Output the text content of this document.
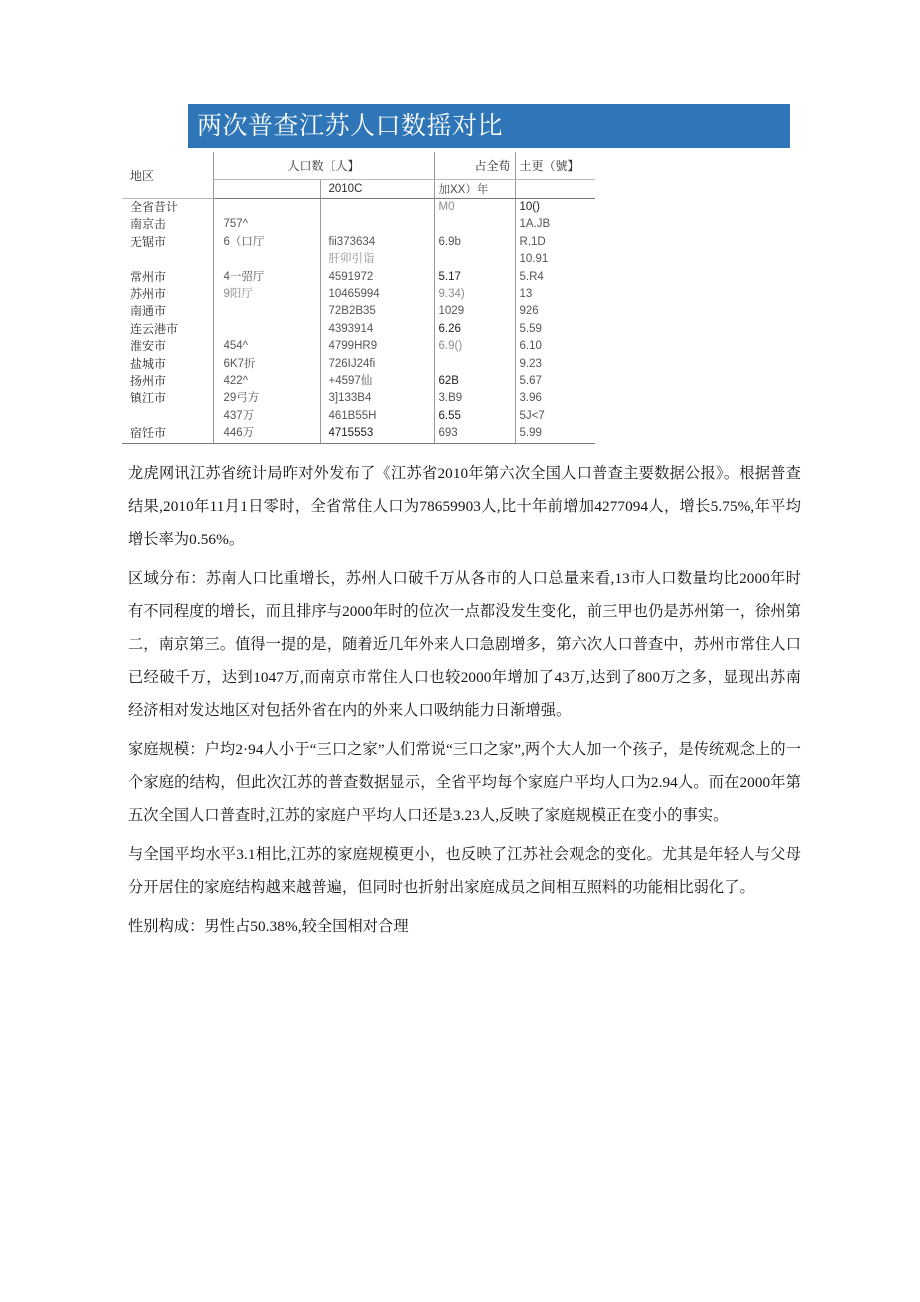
两次普查江苏人口数摇对比
地区	人口数〔人】		占全荀	土更（號】
		2010C	加XX）年	
全省昔计			M0	10()
南京击	757^			1A.JB
无锯市	6（口厅	fii373634	6.9b	R.1D
		肝卯引诣		10.91
常州市	4一弨厅	4591972	5.17	5.R4
苏州市	9阳厅	10465994	9.34)	13
南通市		72B2B35	1029	926
连云港市		4393914	6.26	5.59
淮安市	454^	4799HR9	6.9()	6.10
盐城市	6K7折	726IJ24fi		9.23
扬州市	422^	+4597仙	62B	5.67
镇江市	29弓方	3]133B4	3.B9	3.96
	437万	461B55H	6.55	5J<7
宿饪市	446万	4715553	693	5.99

龙虎网讯江苏省统计局昨对外发布了《江苏省2010年第六次全国人口普查主要数据公报》。根据普查结果,2010年11月1日零时，全省常住人口为78659903人,比十年前增加4277094人，增长5.75%,年平均增长率为0.56%。

区域分布：苏南人口比重增长，苏州人口破千万从各市的人口总量来看,13市人口数量均比2000年时有不同程度的增长，而且排序与2000年时的位次一点都没发生变化，前三甲也仍是苏州第一，徐州第二，南京第三。值得一提的是，随着近几年外来人口急剧增多，第六次人口普查中，苏州市常住人口已经破千万，达到1047万,而南京市常住人口也较2000年增加了43万,达到了800万之多，显现出苏南经济相对发达地区对包括外省在内的外来人口吸纳能力日渐增强。

家庭规模：户均2·94人小于“三口之家”人们常说“三口之家”,两个大人加一个孩子，是传统观念上的一个家庭的结构，但此次江苏的普查数据显示，全省平均每个家庭户平均人口为2.94人。而在2000年第五次全国人口普查时,江苏的家庭户平均人口还是3.23人,反映了家庭规模正在变小的事实。

与全国平均水平3.1相比,江苏的家庭规模更小，也反映了江苏社会观念的变化。尤其是年轻人与父母分开居住的家庭结构越来越普遍，但同时也折射出家庭成员之间相互照料的功能相比弱化了。

性别构成：男性占50.38%,较全国相对合理
